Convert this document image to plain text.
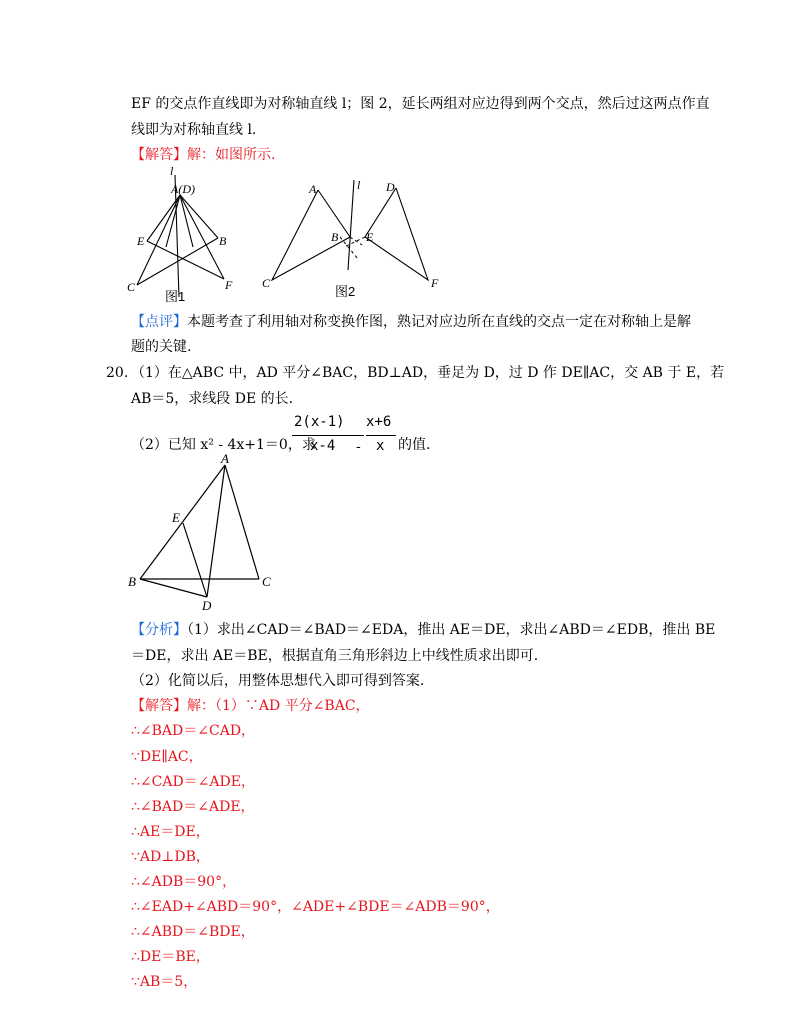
EF 的交点作直线即为对称轴直线 l；图 2，延长两组对应边得到两个交点，然后过这两点作直
线即为对称轴直线 l.
【解答】解：如图所示.
l
A(D)
E	B
C	F
图1
A	l D
B E
C	F
图2
【点评】本题考查了利用轴对称变换作图，熟记对应边所在直线的交点一定在对称轴上是解
题的关键.
20. （1）在△ABC 中，AD 平分∠BAC，BD⊥AD，垂足为 D，过 D 作 DE∥AC，交 AB 于 E，若
AB＝5，求线段 DE 的长.
（2）已知 x² - 4x+1＝0，求
2(x-1)
x-4 -
x+6
x 的值.
A
E
B	C
D
【分析】（1）求出∠CAD＝∠BAD＝∠EDA，推出 AE＝DE，求出∠ABD＝∠EDB，推出 BE
＝DE，求出 AE＝BE，根据直角三角形斜边上中线性质求出即可.
（2）化简以后，用整体思想代入即可得到答案.
【解答】解：（1）∵AD 平分∠BAC，
∴∠BAD＝∠CAD，
∵DE∥AC，
∴∠CAD＝∠ADE，
∴∠BAD＝∠ADE，
∴AE＝DE，
∵AD⊥DB，
∴∠ADB＝90°，
∴∠EAD+∠ABD＝90°，∠ADE+∠BDE＝∠ADB＝90°，
∴∠ABD＝∠BDE，
∴DE＝BE，
∵AB＝5，
